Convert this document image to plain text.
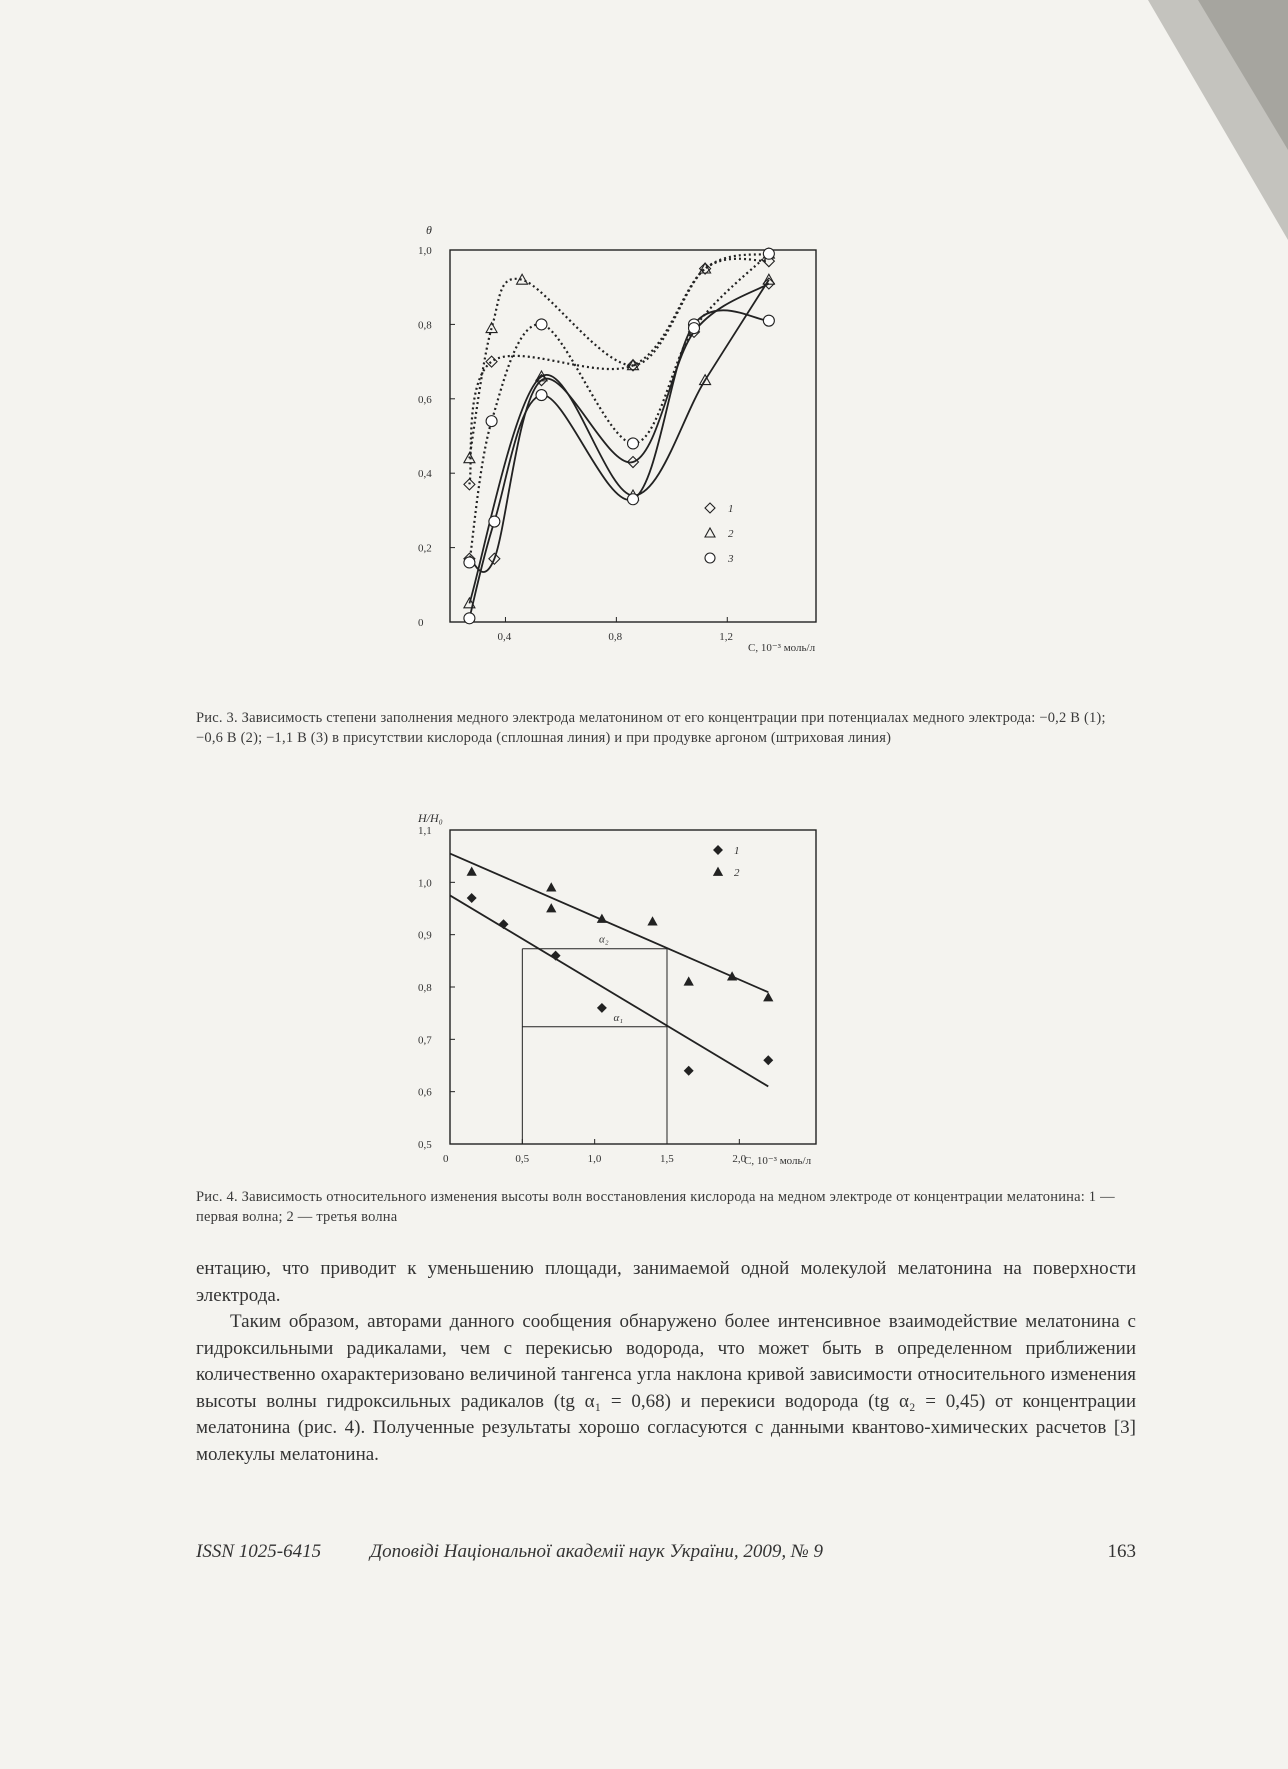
0,4	0,8	1,2
0
0,2
0,4
0,6
0,8
1,0
θ
C, 10⁻³ моль/л
1
2
3
Рис. 3. Зависимость степени заполнения медного электрода мелатонином от его концентрации при потенциалах медного электрода: −0,2 В (1); −0,6 В (2); −1,1 В (3) в присутствии кислорода (сплошная линия) и при продувке аргоном (штриховая линия)
0	0,5	1,0	1,5	2,0
0,5
0,6
0,7
0,8
0,9
1,0
1,1
α₂
α₁
H/H₀
C, 10⁻³ моль/л
1
2
Рис. 4. Зависимость относительного изменения высоты волн восстановления кислорода на медном электроде от концентрации мелатонина: 1 — первая волна; 2 — третья волна

ентацию, что приводит к уменьшению площади, занимаемой одной молекулой мелатонина на поверхности электрода.

Таким образом, авторами данного сообщения обнаружено более интенсивное взаимодействие мелатонина с гидроксильными радикалами, чем с перекисью водорода, что может быть в определенном приближении количественно охарактеризовано величиной тангенса угла наклона кривой зависимости относительного изменения высоты волны гидроксильных радикалов (tg α₁ = 0,68) и перекиси водорода (tg α₂ = 0,45) от концентрации мелатонина (рис. 4). Полученные результаты хорошо согласуются с данными квантово-химических расчетов [3] молекулы мелатонина.

ISSN 1025-6415	Доповiдi Нацiональної академiї наук України, 2009, № 9	163
